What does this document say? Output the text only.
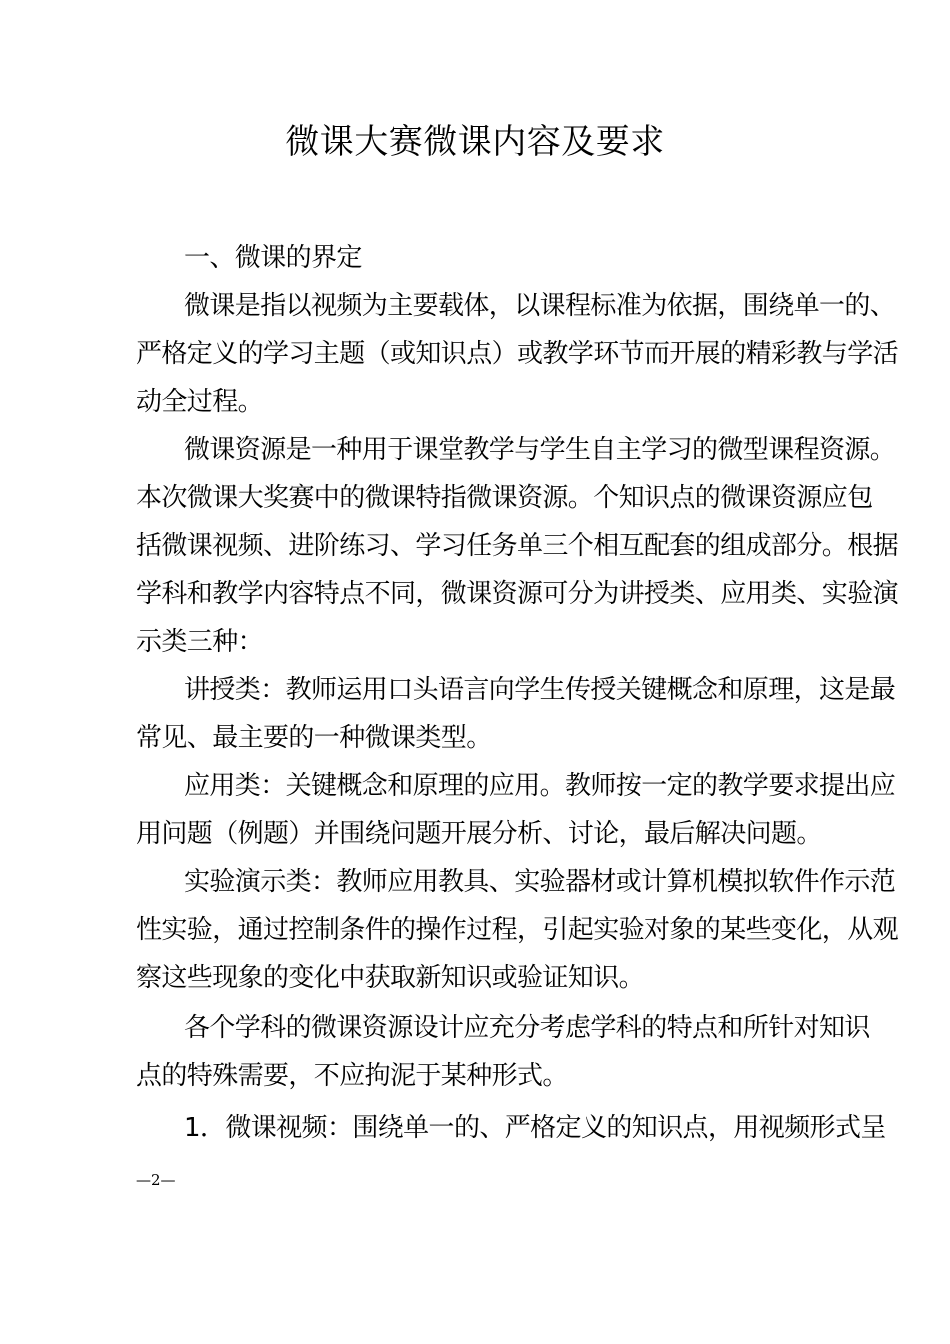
微课大赛微课内容及要求
一、微课的界定
微课是指以视频为主要载体，以课程标准为依据，围绕单一的、
严格定义的学习主题（或知识点）或教学环节而开展的精彩教与学活
动全过程。
微课资源是一种用于课堂教学与学生自主学习的微型课程资源。
本次微课大奖赛中的微课特指微课资源。个知识点的微课资源应包
括微课视频、进阶练习、学习任务单三个相互配套的组成部分。根据
学科和教学内容特点不同，微课资源可分为讲授类、应用类、实验演
示类三种：
讲授类：教师运用口头语言向学生传授关键概念和原理，这是最
常见、最主要的一种微课类型。
应用类：关键概念和原理的应用。教师按一定的教学要求提出应
用问题（例题）并围绕问题开展分析、讨论，最后解决问题。
实验演示类：教师应用教具、实验器材或计算机模拟软件作示范
性实验，通过控制条件的操作过程，引起实验对象的某些变化，从观
察这些现象的变化中获取新知识或验证知识。
各个学科的微课资源设计应充分考虑学科的特点和所针对知识
点的特殊需要，不应拘泥于某种形式。
1．微课视频：围绕单一的、严格定义的知识点，用视频形式呈
—2—
